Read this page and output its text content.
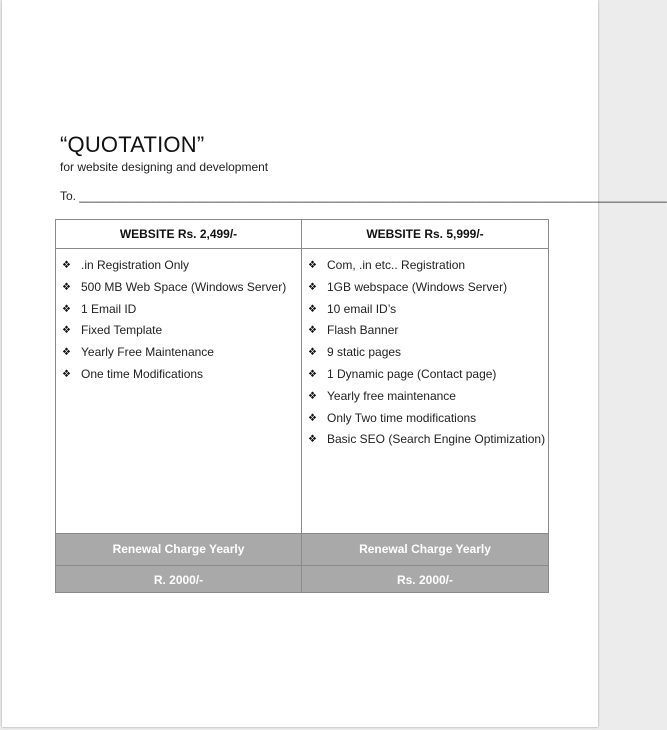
“QUOTATION”
for website designing and development
To. ________________________________________________________________________________________
WEBSITE Rs. 2,499/-
❖ .in Registration Only
❖ 500 MB Web Space (Windows Server)
❖ 1 Email ID
❖ Fixed Template
❖ Yearly Free Maintenance
❖ One time Modifications
Renewal Charge Yearly
R. 2000/-
WEBSITE Rs. 5,999/-
❖ Com, .in etc.. Registration
❖ 1GB webspace (Windows Server)
❖ 10 email ID’s
❖ Flash Banner
❖ 9 static pages
❖ 1 Dynamic page (Contact page)
❖ Yearly free maintenance
❖ Only Two time modifications
❖ Basic SEO (Search Engine Optimization)
Renewal Charge Yearly
Rs. 2000/-
